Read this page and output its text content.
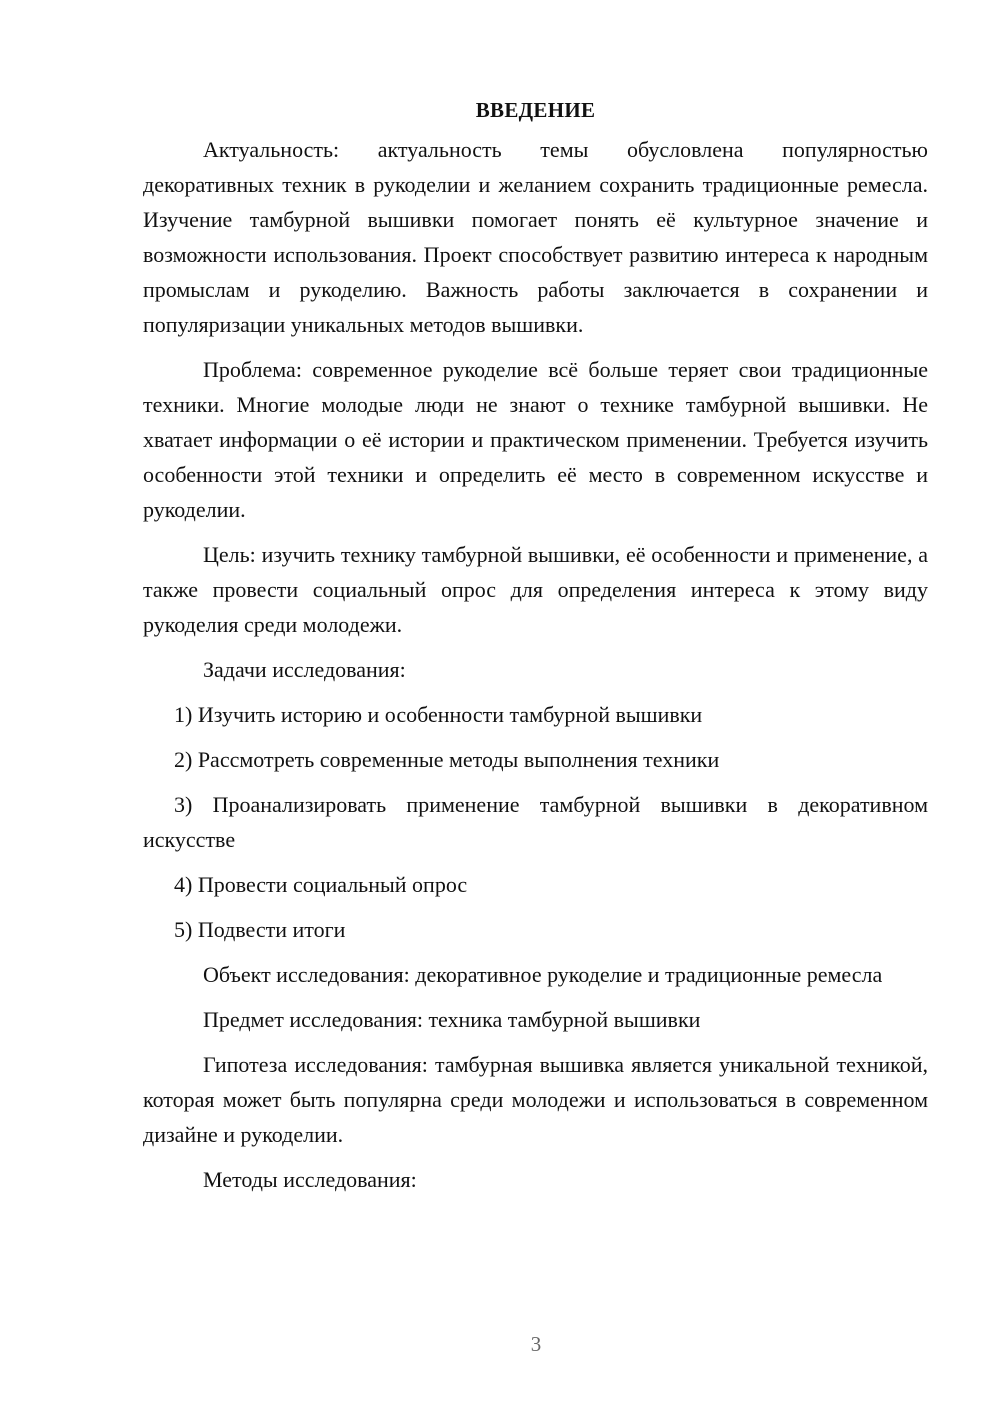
ВВЕДЕНИЕ

Актуальность: актуальность темы обусловлена популярностью декоративных техник в рукоделии и желанием сохранить традиционные ремесла. Изучение тамбурной вышивки помогает понять её культурное значение и возможности использования. Проект способствует развитию интереса к народным промыслам и рукоделию. Важность работы заключается в сохранении и популяризации уникальных методов вышивки.

Проблема: современное рукоделие всё больше теряет свои традиционные техники. Многие молодые люди не знают о технике тамбурной вышивки. Не хватает информации о её истории и практическом применении. Требуется изучить особенности этой техники и определить её место в современном искусстве и рукоделии.

Цель: изучить технику тамбурной вышивки, её особенности и применение, а также провести социальный опрос для определения интереса к этому виду рукоделия среди молодежи.

Задачи исследования:

1) Изучить историю и особенности тамбурной вышивки

2) Рассмотреть современные методы выполнения техники

3) Проанализировать применение тамбурной вышивки в декоративном искусстве

4) Провести социальный опрос

5) Подвести итоги

Объект исследования: декоративное рукоделие и традиционные ремесла

Предмет исследования: техника тамбурной вышивки

Гипотеза исследования: тамбурная вышивка является уникальной техникой, которая может быть популярна среди молодежи и использоваться в современном дизайне и рукоделии.

Методы исследования:

3
